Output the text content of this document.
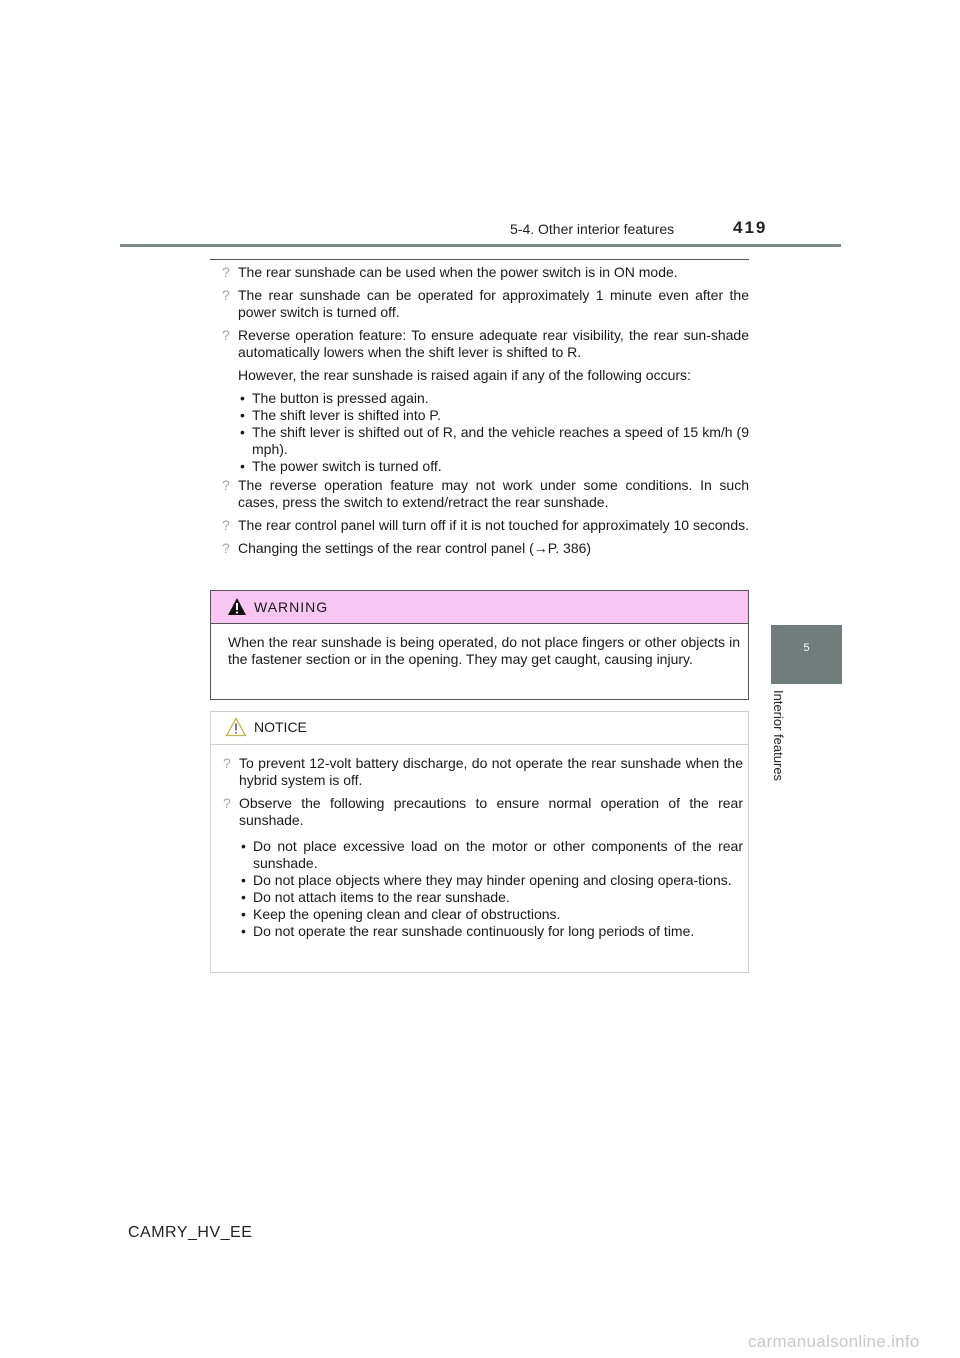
5-4. Other interior features	419
5
Interior features
? The rear sunshade can be used when the power switch is in ON mode.
? The rear sunshade can be operated for approximately 1 minute even after the power switch is turned off.
? Reverse operation feature: To ensure adequate rear visibility, the rear sun-shade automatically lowers when the shift lever is shifted to R.
However, the rear sunshade is raised again if any of the following occurs:
• The button is pressed again.
• The shift lever is shifted into P.
• The shift lever is shifted out of R, and the vehicle reaches a speed of 15 km/h (9 mph).
• The power switch is turned off.
? The reverse operation feature may not work under some conditions. In such cases, press the switch to extend/retract the rear sunshade.
? The rear control panel will turn off if it is not touched for approximately 10 seconds.
? Changing the settings of the rear control panel (→P. 386)
WARNING
When the rear sunshade is being operated, do not place fingers or other objects in the fastener section or in the opening. They may get caught, causing injury.
NOTICE
? To prevent 12-volt battery discharge, do not operate the rear sunshade when the hybrid system is off.
? Observe the following precautions to ensure normal operation of the rear sunshade.
• Do not place excessive load on the motor or other components of the rear sunshade.
• Do not place objects where they may hinder opening and closing opera-tions.
• Do not attach items to the rear sunshade.
• Keep the opening clean and clear of obstructions.
• Do not operate the rear sunshade continuously for long periods of time.
CAMRY_HV_EE
carmanualsonline.info
